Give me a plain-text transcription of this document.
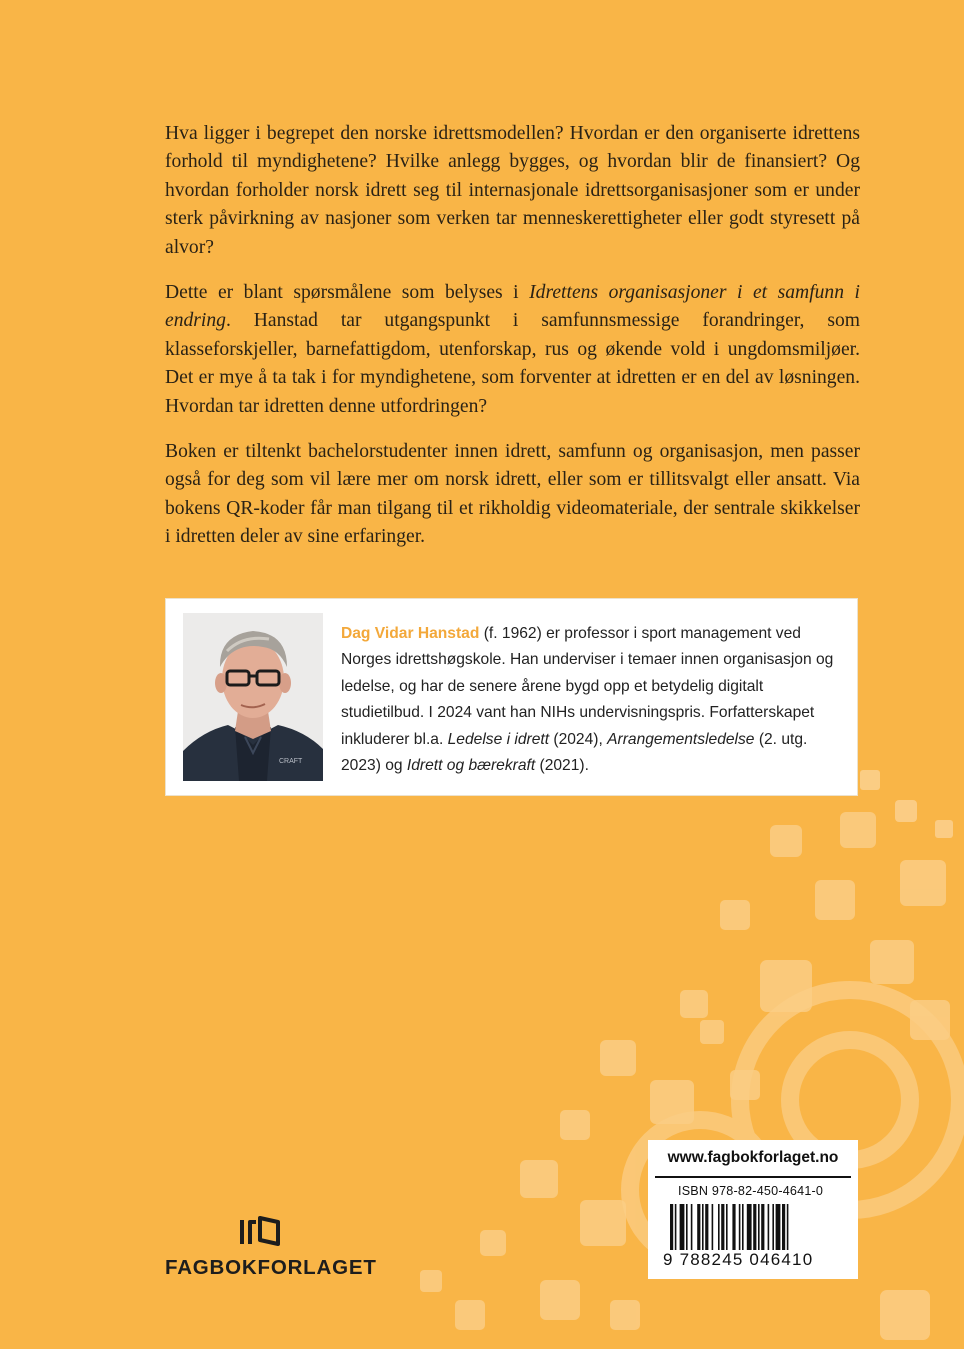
Hva ligger i begrepet den norske idrettsmodellen? Hvordan er den organiserte idrettens forhold til myndighetene? Hvilke anlegg bygges, og hvordan blir de finansiert? Og hvordan forholder norsk idrett seg til internasjonale idrettsorganisasjoner som er under sterk påvirkning av nasjoner som verken tar menneskerettigheter eller godt styresett på alvor?

Dette er blant spørsmålene som belyses i Idrettens organisasjoner i et samfunn i endring. Hanstad tar utgangspunkt i samfunnsmessige forandringer, som klasseforskjeller, barnefattigdom, utenforskap, rus og økende vold i ungdomsmiljøer. Det er mye å ta tak i for myndighetene, som forventer at idretten er en del av løsningen. Hvordan tar idretten denne utfordringen?

Boken er tiltenkt bachelorstudenter innen idrett, samfunn og organisasjon, men passer også for deg som vil lære mer om norsk idrett, eller som er tillitsvalgt eller ansatt. Via bokens QR-koder får man tilgang til et rikholdig videomateriale, der sentrale skikkelser i idretten deler av sine erfaringer.

CRAFT
Dag Vidar Hanstad (f. 1962) er professor i sport management ved Norges idrettshøgskole. Han underviser i temaer innen organisasjon og ledelse, og har de senere årene bygd opp et betydelig digitalt studietilbud. I 2024 vant han NIHs undervisningspris. Forfatterskapet inkluderer bl.a. Ledelse i idrett (2024), Arrangementsledelse (2. utg. 2023) og Idrett og bærekraft (2021).
FAGBOKFORLAGET
www.fagbokforlaget.no
ISBN 978-82-450-4641-0
9 788245 046410
